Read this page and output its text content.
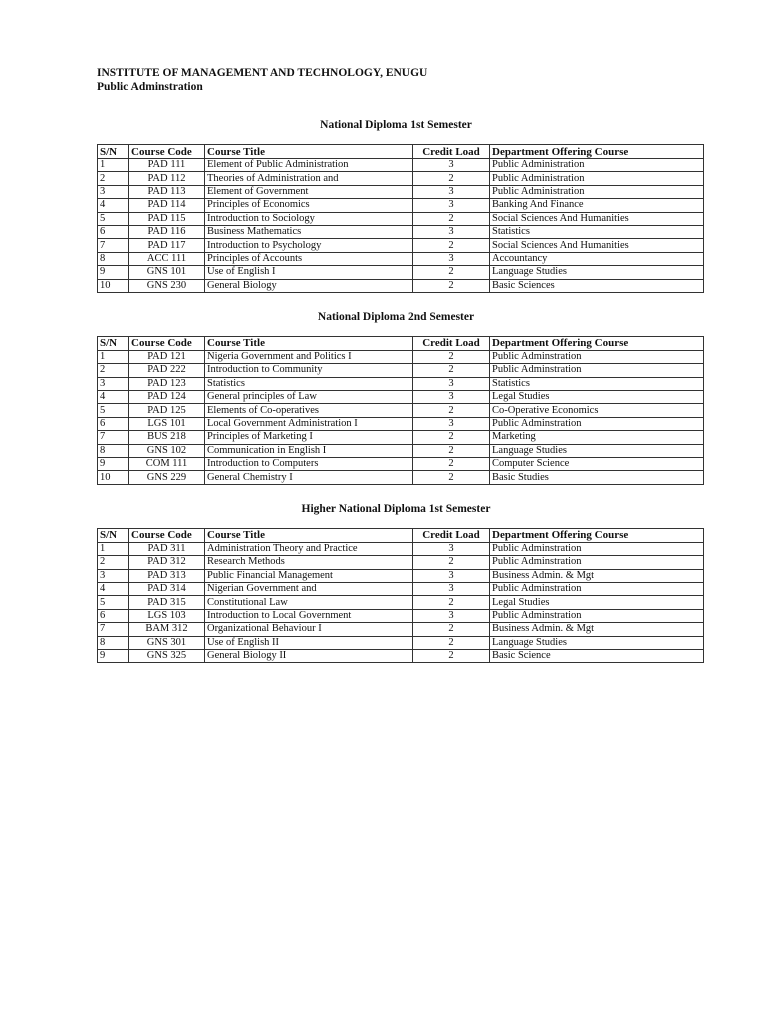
INSTITUTE OF MANAGEMENT AND TECHNOLOGY, ENUGU
Public Adminstration
National Diploma 1st Semester
S/N	Course Code	Course Title	Credit Load	Department Offering Course
1	PAD 111	Element of Public Administration	3	Public Administration
2	PAD 112	Theories of Administration and	2	Public Administration
3	PAD 113	Element of Government	3	Public Administration
4	PAD 114	Principles of Economics	3	Banking And Finance
5	PAD 115	Introduction to Sociology	2	Social Sciences And Humanities
6	PAD 116	Business Mathematics	3	Statistics
7	PAD 117	Introduction to Psychology	2	Social Sciences And Humanities
8	ACC 111	Principles of Accounts	3	Accountancy
9	GNS 101	Use of English I	2	Language Studies
10	GNS 230	General Biology	2	Basic Sciences
National Diploma 2nd Semester
S/N	Course Code	Course Title	Credit Load	Department Offering Course
1	PAD 121	Nigeria Government and Politics I	2	Public Adminstration
2	PAD 222	Introduction to Community	2	Public Adminstration
3	PAD 123	Statistics	3	Statistics
4	PAD 124	General principles of Law	3	Legal Studies
5	PAD 125	Elements of Co-operatives	2	Co-Operative Economics
6	LGS 101	Local Government Administration I	3	Public Adminstration
7	BUS 218	Principles of Marketing I	2	Marketing
8	GNS 102	Communication in English I	2	Language Studies
9	COM 111	Introduction to Computers	2	Computer Science
10	GNS 229	General Chemistry I	2	Basic Studies
Higher National Diploma 1st Semester
S/N	Course Code	Course Title	Credit Load	Department Offering Course
1	PAD 311	Administration Theory and Practice	3	Public Adminstration
2	PAD 312	Research Methods	2	Public Adminstration
3	PAD 313	Public Financial Management	3	Business Admin. & Mgt
4	PAD 314	Nigerian Government and	3	Public Adminstration
5	PAD 315	Constitutional Law	2	Legal Studies
6	LGS 103	Introduction to Local Government	3	Public Adminstration
7	BAM 312	Organizational Behaviour I	2	Business Admin. & Mgt
8	GNS 301	Use of English II	2	Language Studies
9	GNS 325	General Biology II	2	Basic Science
